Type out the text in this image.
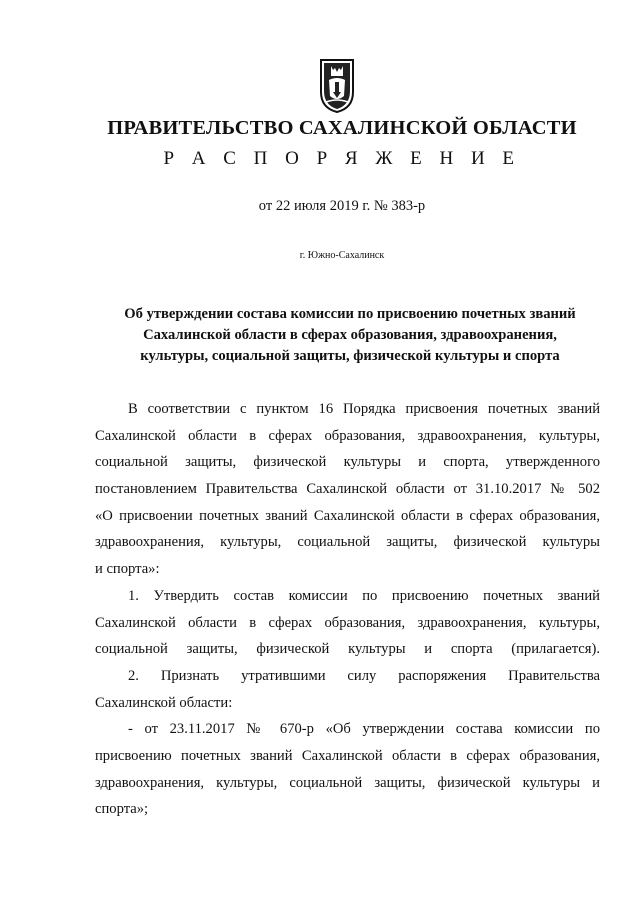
ПРАВИТЕЛЬСТВО САХАЛИНСКОЙ ОБЛАСТИ
Р А С П О Р Я Ж Е Н И Е
от 22 июля 2019 г. № 383-р
г. Южно-Сахалинск
Об утверждении состава комиссии по присвоению почетных званий
Сахалинской области в сферах образования, здравоохранения,
культуры, социальной защиты, физической культуры и спорта
В соответствии с пунктом 16 Порядка присвоения почетных званий
Сахалинской области в сферах образования, здравоохранения, культуры,
социальной защиты, физической культуры и спорта, утвержденного
постановлением Правительства Сахалинской области от 31.10.2017 № 502
«О присвоении почетных званий Сахалинской области в сферах образования,
здравоохранения, культуры, социальной защиты, физической культуры
и спорта»:
1. Утвердить состав комиссии по присвоению почетных званий
Сахалинской области в сферах образования, здравоохранения, культуры,
социальной защиты, физической культуры и спорта (прилагается).
2. Признать утратившими силу распоряжения Правительства
Сахалинской области:
- от 23.11.2017 № 670-р «Об утверждении состава комиссии по
присвоению почетных званий Сахалинской области в сферах образования,
здравоохранения, культуры, социальной защиты, физической культуры и
спорта»;
